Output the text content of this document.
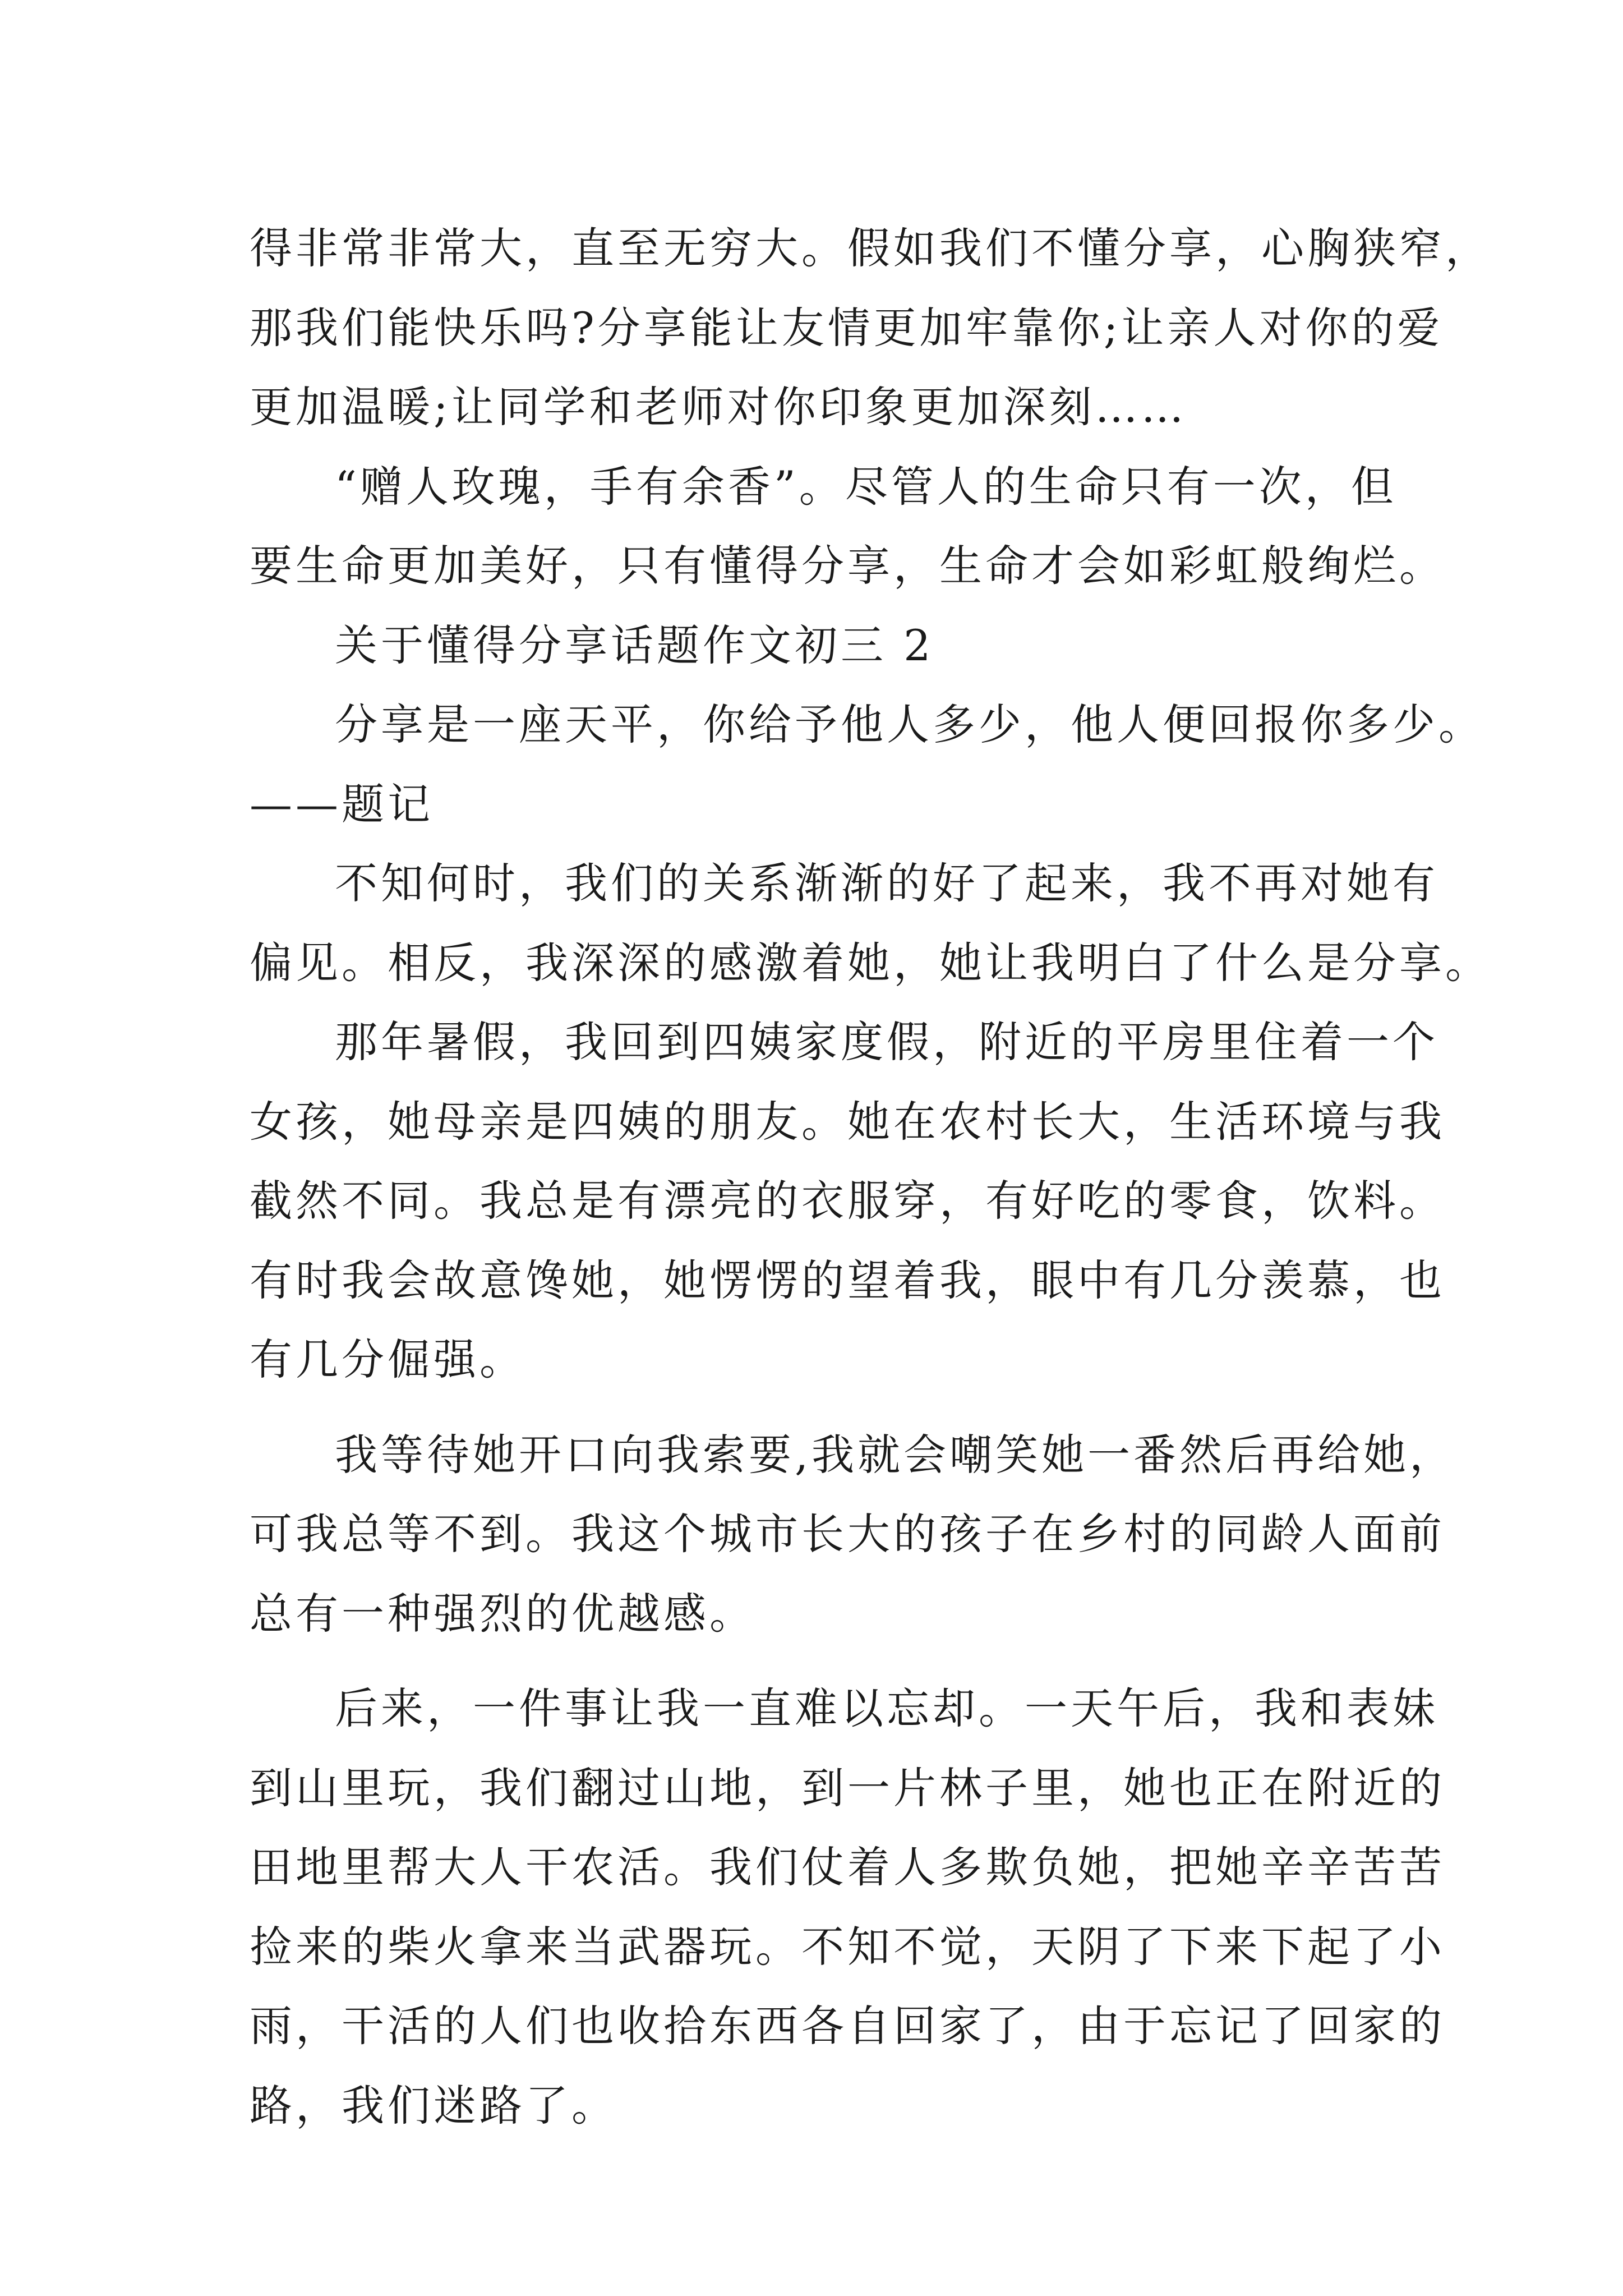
得非常非常大，直至无穷大。假如我们不懂分享，心胸狭窄，
那我们能快乐吗?分享能让友情更加牢靠你;让亲人对你的爱
更加温暖;让同学和老师对你印象更加深刻……
“赠人玫瑰，手有余香”。尽管人的生命只有一次，但
要生命更加美好，只有懂得分享，生命才会如彩虹般绚烂。
关于懂得分享话题作文初三 2
分享是一座天平，你给予他人多少，他人便回报你多少。
——题记
不知何时，我们的关系渐渐的好了起来，我不再对她有
偏见。相反，我深深的感激着她，她让我明白了什么是分享。
那年暑假，我回到四姨家度假，附近的平房里住着一个
女孩，她母亲是四姨的朋友。她在农村长大，生活环境与我
截然不同。我总是有漂亮的衣服穿，有好吃的零食，饮料。
有时我会故意馋她，她愣愣的望着我，眼中有几分羡慕，也
有几分倔强。
我等待她开口向我索要,我就会嘲笑她一番然后再给她，
可我总等不到。我这个城市长大的孩子在乡村的同龄人面前
总有一种强烈的优越感。
后来，一件事让我一直难以忘却。一天午后，我和表妹
到山里玩，我们翻过山地，到一片林子里，她也正在附近的
田地里帮大人干农活。我们仗着人多欺负她，把她辛辛苦苦
捡来的柴火拿来当武器玩。不知不觉，天阴了下来下起了小
雨，干活的人们也收拾东西各自回家了，由于忘记了回家的
路，我们迷路了。
